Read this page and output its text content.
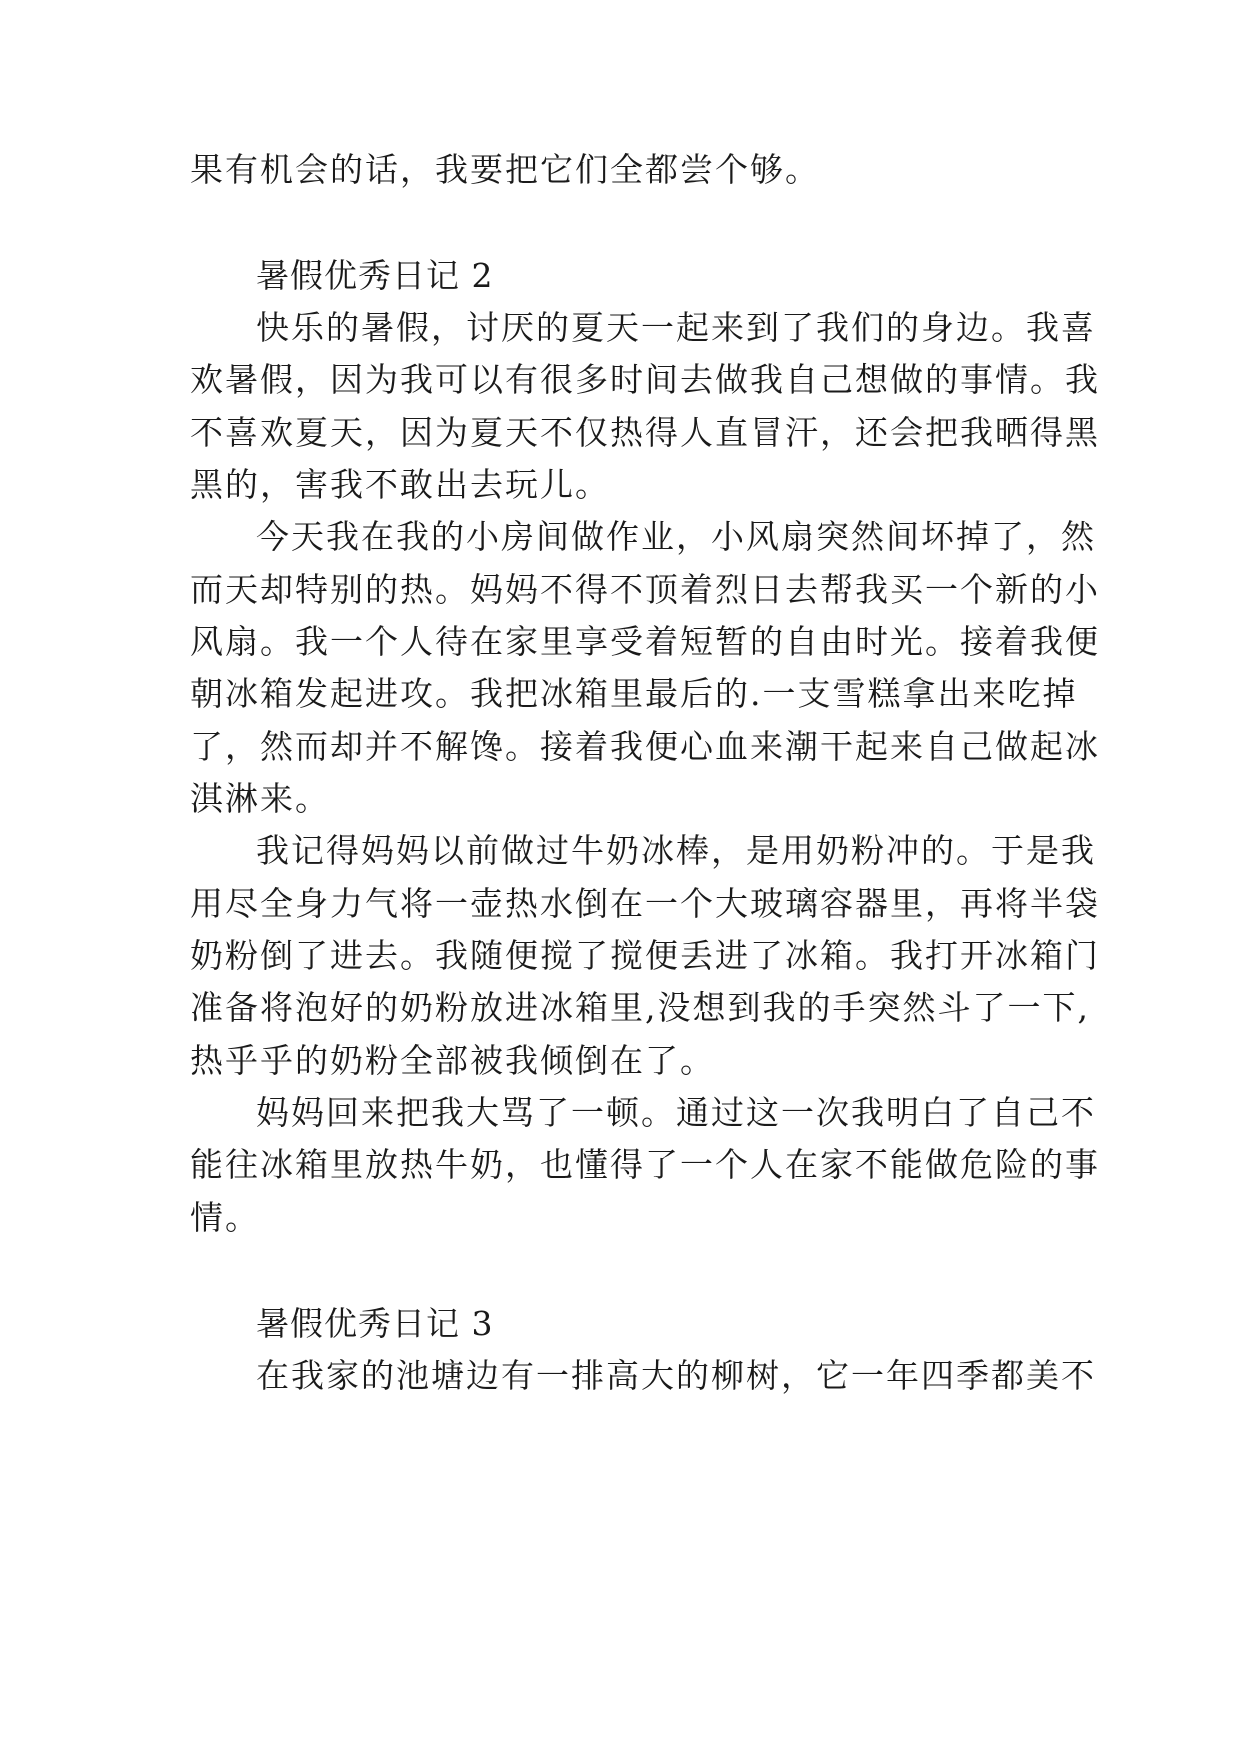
果有机会的话，我要把它们全都尝个够。

暑假优秀日记 2

快乐的暑假，讨厌的夏天一起来到了我们的身边。我喜

欢暑假，因为我可以有很多时间去做我自己想做的事情。我

不喜欢夏天，因为夏天不仅热得人直冒汗，还会把我晒得黑

黑的，害我不敢出去玩儿。

今天我在我的小房间做作业，小风扇突然间坏掉了，然

而天却特别的热。妈妈不得不顶着烈日去帮我买一个新的小

风扇。我一个人待在家里享受着短暂的自由时光。接着我便

朝冰箱发起进攻。我把冰箱里最后的.一支雪糕拿出来吃掉

了，然而却并不解馋。接着我便心血来潮干起来自己做起冰

淇淋来。

我记得妈妈以前做过牛奶冰棒，是用奶粉冲的。于是我

用尽全身力气将一壶热水倒在一个大玻璃容器里，再将半袋

奶粉倒了进去。我随便搅了搅便丢进了冰箱。我打开冰箱门

准备将泡好的奶粉放进冰箱里,没想到我的手突然斗了一下,

热乎乎的奶粉全部被我倾倒在了。

妈妈回来把我大骂了一顿。通过这一次我明白了自己不

能往冰箱里放热牛奶，也懂得了一个人在家不能做危险的事

情。

暑假优秀日记 3

在我家的池塘边有一排高大的柳树，它一年四季都美不
